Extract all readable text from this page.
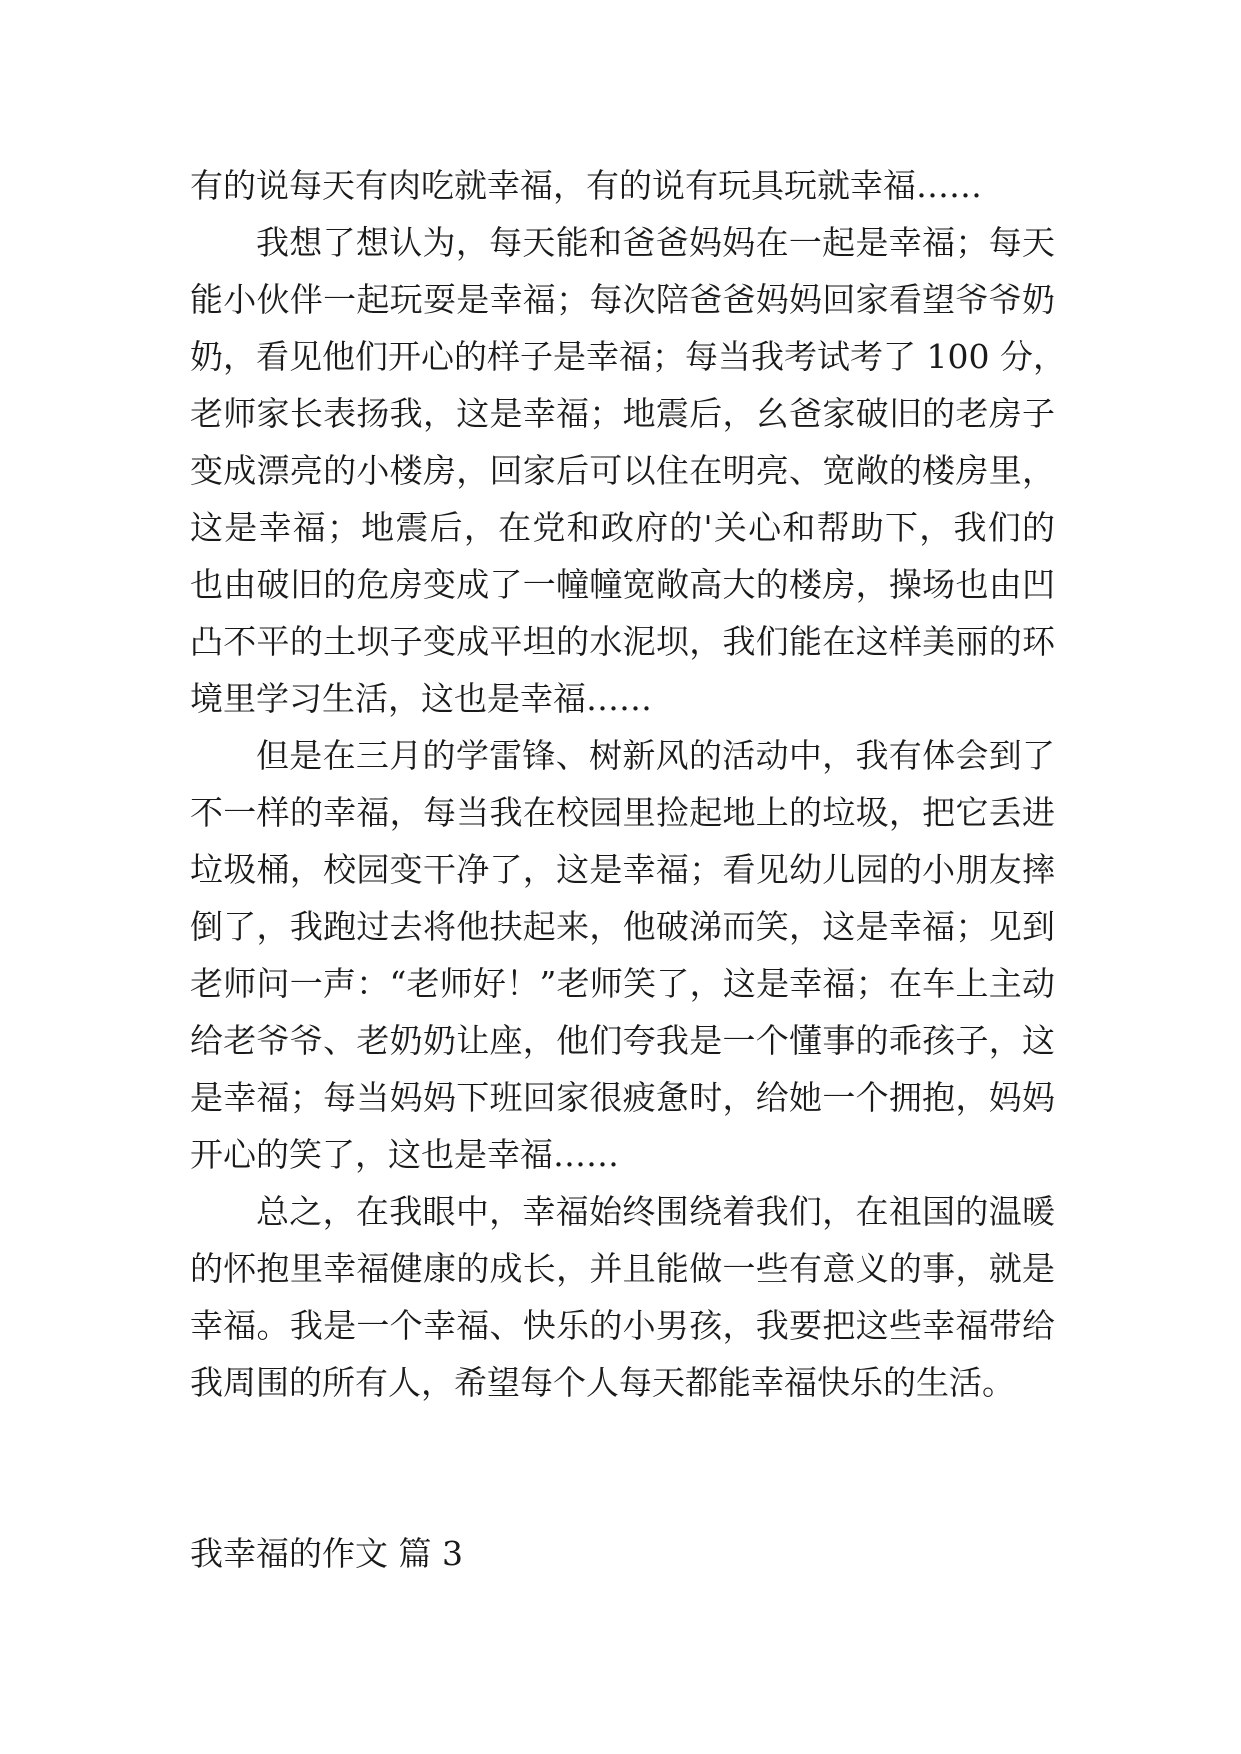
有的说每天有肉吃就幸福，有的说有玩具玩就幸福……
我想了想认为，每天能和爸爸妈妈在一起是幸福；每天
能小伙伴一起玩耍是幸福；每次陪爸爸妈妈回家看望爷爷奶
奶，看见他们开心的样子是幸福；每当我考试考了 100 分，
老师家长表扬我，这是幸福；地震后，幺爸家破旧的老房子
变成漂亮的小楼房，回家后可以住在明亮、宽敞的楼房里，
这是幸福；地震后，在党和政府的'关心和帮助下，我们的
也由破旧的危房变成了一幢幢宽敞高大的楼房，操场也由凹
凸不平的土坝子变成平坦的水泥坝，我们能在这样美丽的环
境里学习生活，这也是幸福……
但是在三月的学雷锋、树新风的活动中，我有体会到了
不一样的幸福，每当我在校园里捡起地上的垃圾，把它丢进
垃圾桶，校园变干净了，这是幸福；看见幼儿园的小朋友摔
倒了，我跑过去将他扶起来，他破涕而笑，这是幸福；见到
老师问一声：“老师好！”老师笑了，这是幸福；在车上主动
给老爷爷、老奶奶让座，他们夸我是一个懂事的乖孩子，这
是幸福；每当妈妈下班回家很疲惫时，给她一个拥抱，妈妈
开心的笑了，这也是幸福……
总之，在我眼中，幸福始终围绕着我们，在祖国的温暖
的怀抱里幸福健康的成长，并且能做一些有意义的事，就是
幸福。我是一个幸福、快乐的小男孩，我要把这些幸福带给
我周围的所有人，希望每个人每天都能幸福快乐的生活。
我幸福的作文 篇 3
